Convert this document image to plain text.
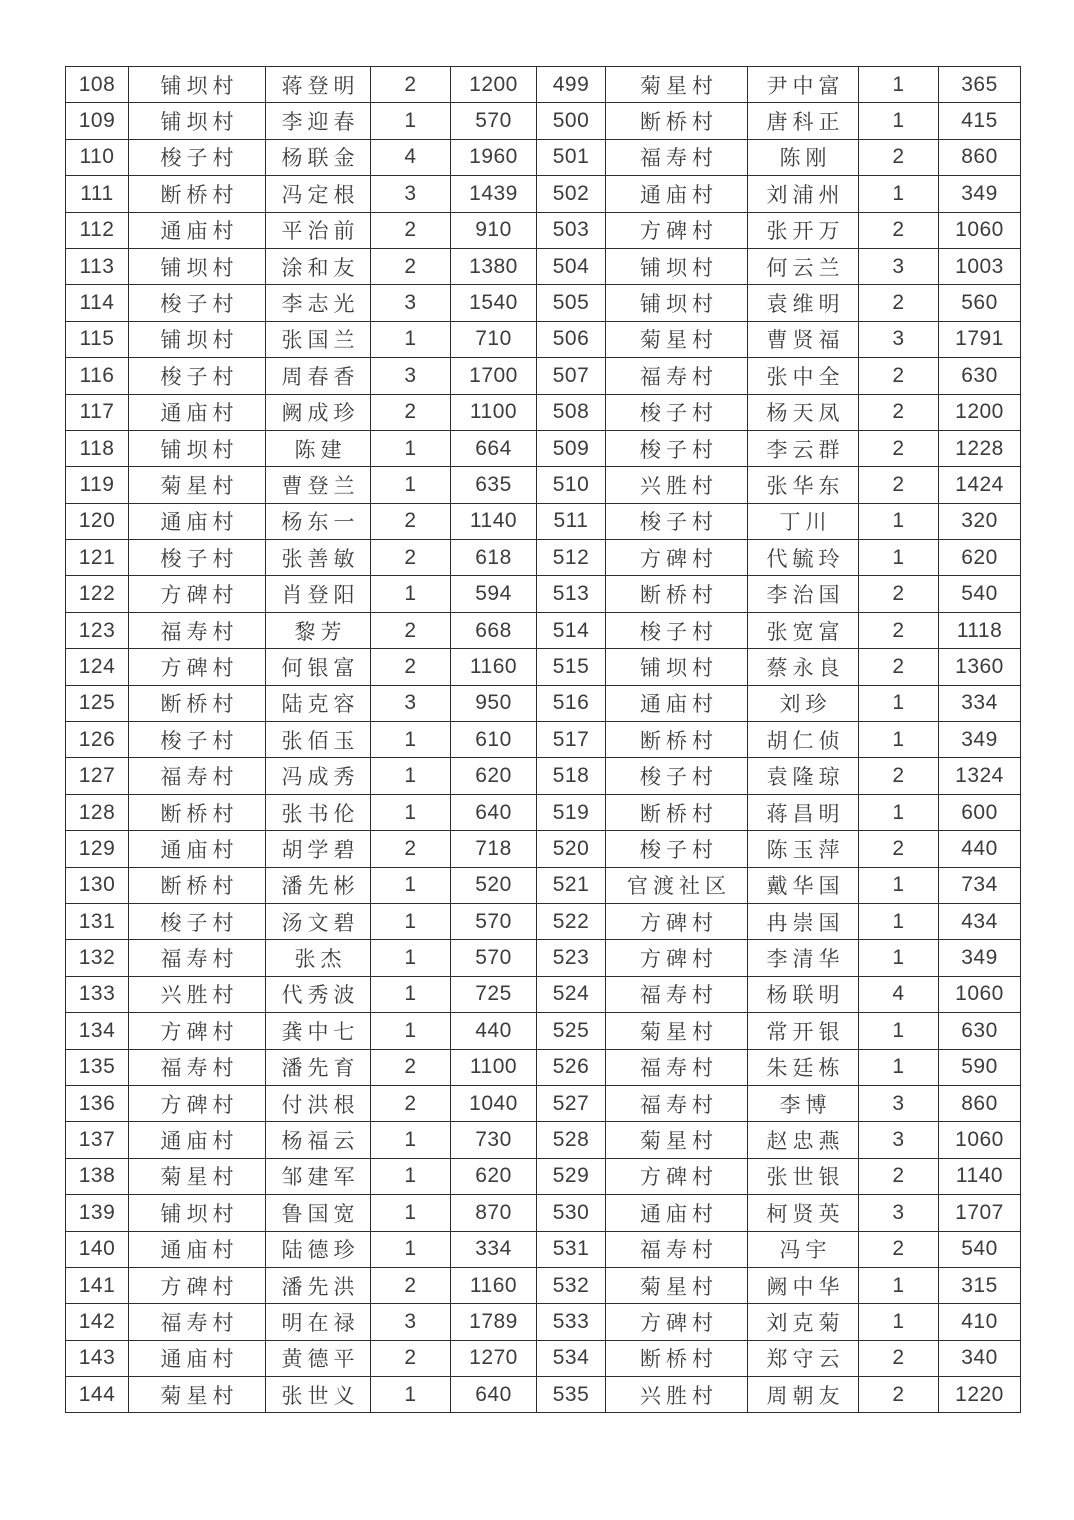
108	铺坝村	蒋登明	2	1200	499	菊星村	尹中富	1	365
109	铺坝村	李迎春	1	570	500	断桥村	唐科正	1	415
110	梭子村	杨联金	4	1960	501	福寿村	陈刚	2	860
111	断桥村	冯定根	3	1439	502	通庙村	刘浦州	1	349
112	通庙村	平治前	2	910	503	方碑村	张开万	2	1060
113	铺坝村	涂和友	2	1380	504	铺坝村	何云兰	3	1003
114	梭子村	李志光	3	1540	505	铺坝村	袁维明	2	560
115	铺坝村	张国兰	1	710	506	菊星村	曹贤福	3	1791
116	梭子村	周春香	3	1700	507	福寿村	张中全	2	630
117	通庙村	阙成珍	2	1100	508	梭子村	杨天凤	2	1200
118	铺坝村	陈建	1	664	509	梭子村	李云群	2	1228
119	菊星村	曹登兰	1	635	510	兴胜村	张华东	2	1424
120	通庙村	杨东一	2	1140	511	梭子村	丁川	1	320
121	梭子村	张善敏	2	618	512	方碑村	代毓玲	1	620
122	方碑村	肖登阳	1	594	513	断桥村	李治国	2	540
123	福寿村	黎芳	2	668	514	梭子村	张宽富	2	1118
124	方碑村	何银富	2	1160	515	铺坝村	蔡永良	2	1360
125	断桥村	陆克容	3	950	516	通庙村	刘珍	1	334
126	梭子村	张佰玉	1	610	517	断桥村	胡仁侦	1	349
127	福寿村	冯成秀	1	620	518	梭子村	袁隆琼	2	1324
128	断桥村	张书伦	1	640	519	断桥村	蒋昌明	1	600
129	通庙村	胡学碧	2	718	520	梭子村	陈玉萍	2	440
130	断桥村	潘先彬	1	520	521	官渡社区	戴华国	1	734
131	梭子村	汤文碧	1	570	522	方碑村	冉崇国	1	434
132	福寿村	张杰	1	570	523	方碑村	李清华	1	349
133	兴胜村	代秀波	1	725	524	福寿村	杨联明	4	1060
134	方碑村	龚中七	1	440	525	菊星村	常开银	1	630
135	福寿村	潘先育	2	1100	526	福寿村	朱廷栋	1	590
136	方碑村	付洪根	2	1040	527	福寿村	李博	3	860
137	通庙村	杨福云	1	730	528	菊星村	赵忠燕	3	1060
138	菊星村	邹建军	1	620	529	方碑村	张世银	2	1140
139	铺坝村	鲁国宽	1	870	530	通庙村	柯贤英	3	1707
140	通庙村	陆德珍	1	334	531	福寿村	冯宇	2	540
141	方碑村	潘先洪	2	1160	532	菊星村	阙中华	1	315
142	福寿村	明在禄	3	1789	533	方碑村	刘克菊	1	410
143	通庙村	黄德平	2	1270	534	断桥村	郑守云	2	340
144	菊星村	张世义	1	640	535	兴胜村	周朝友	2	1220
